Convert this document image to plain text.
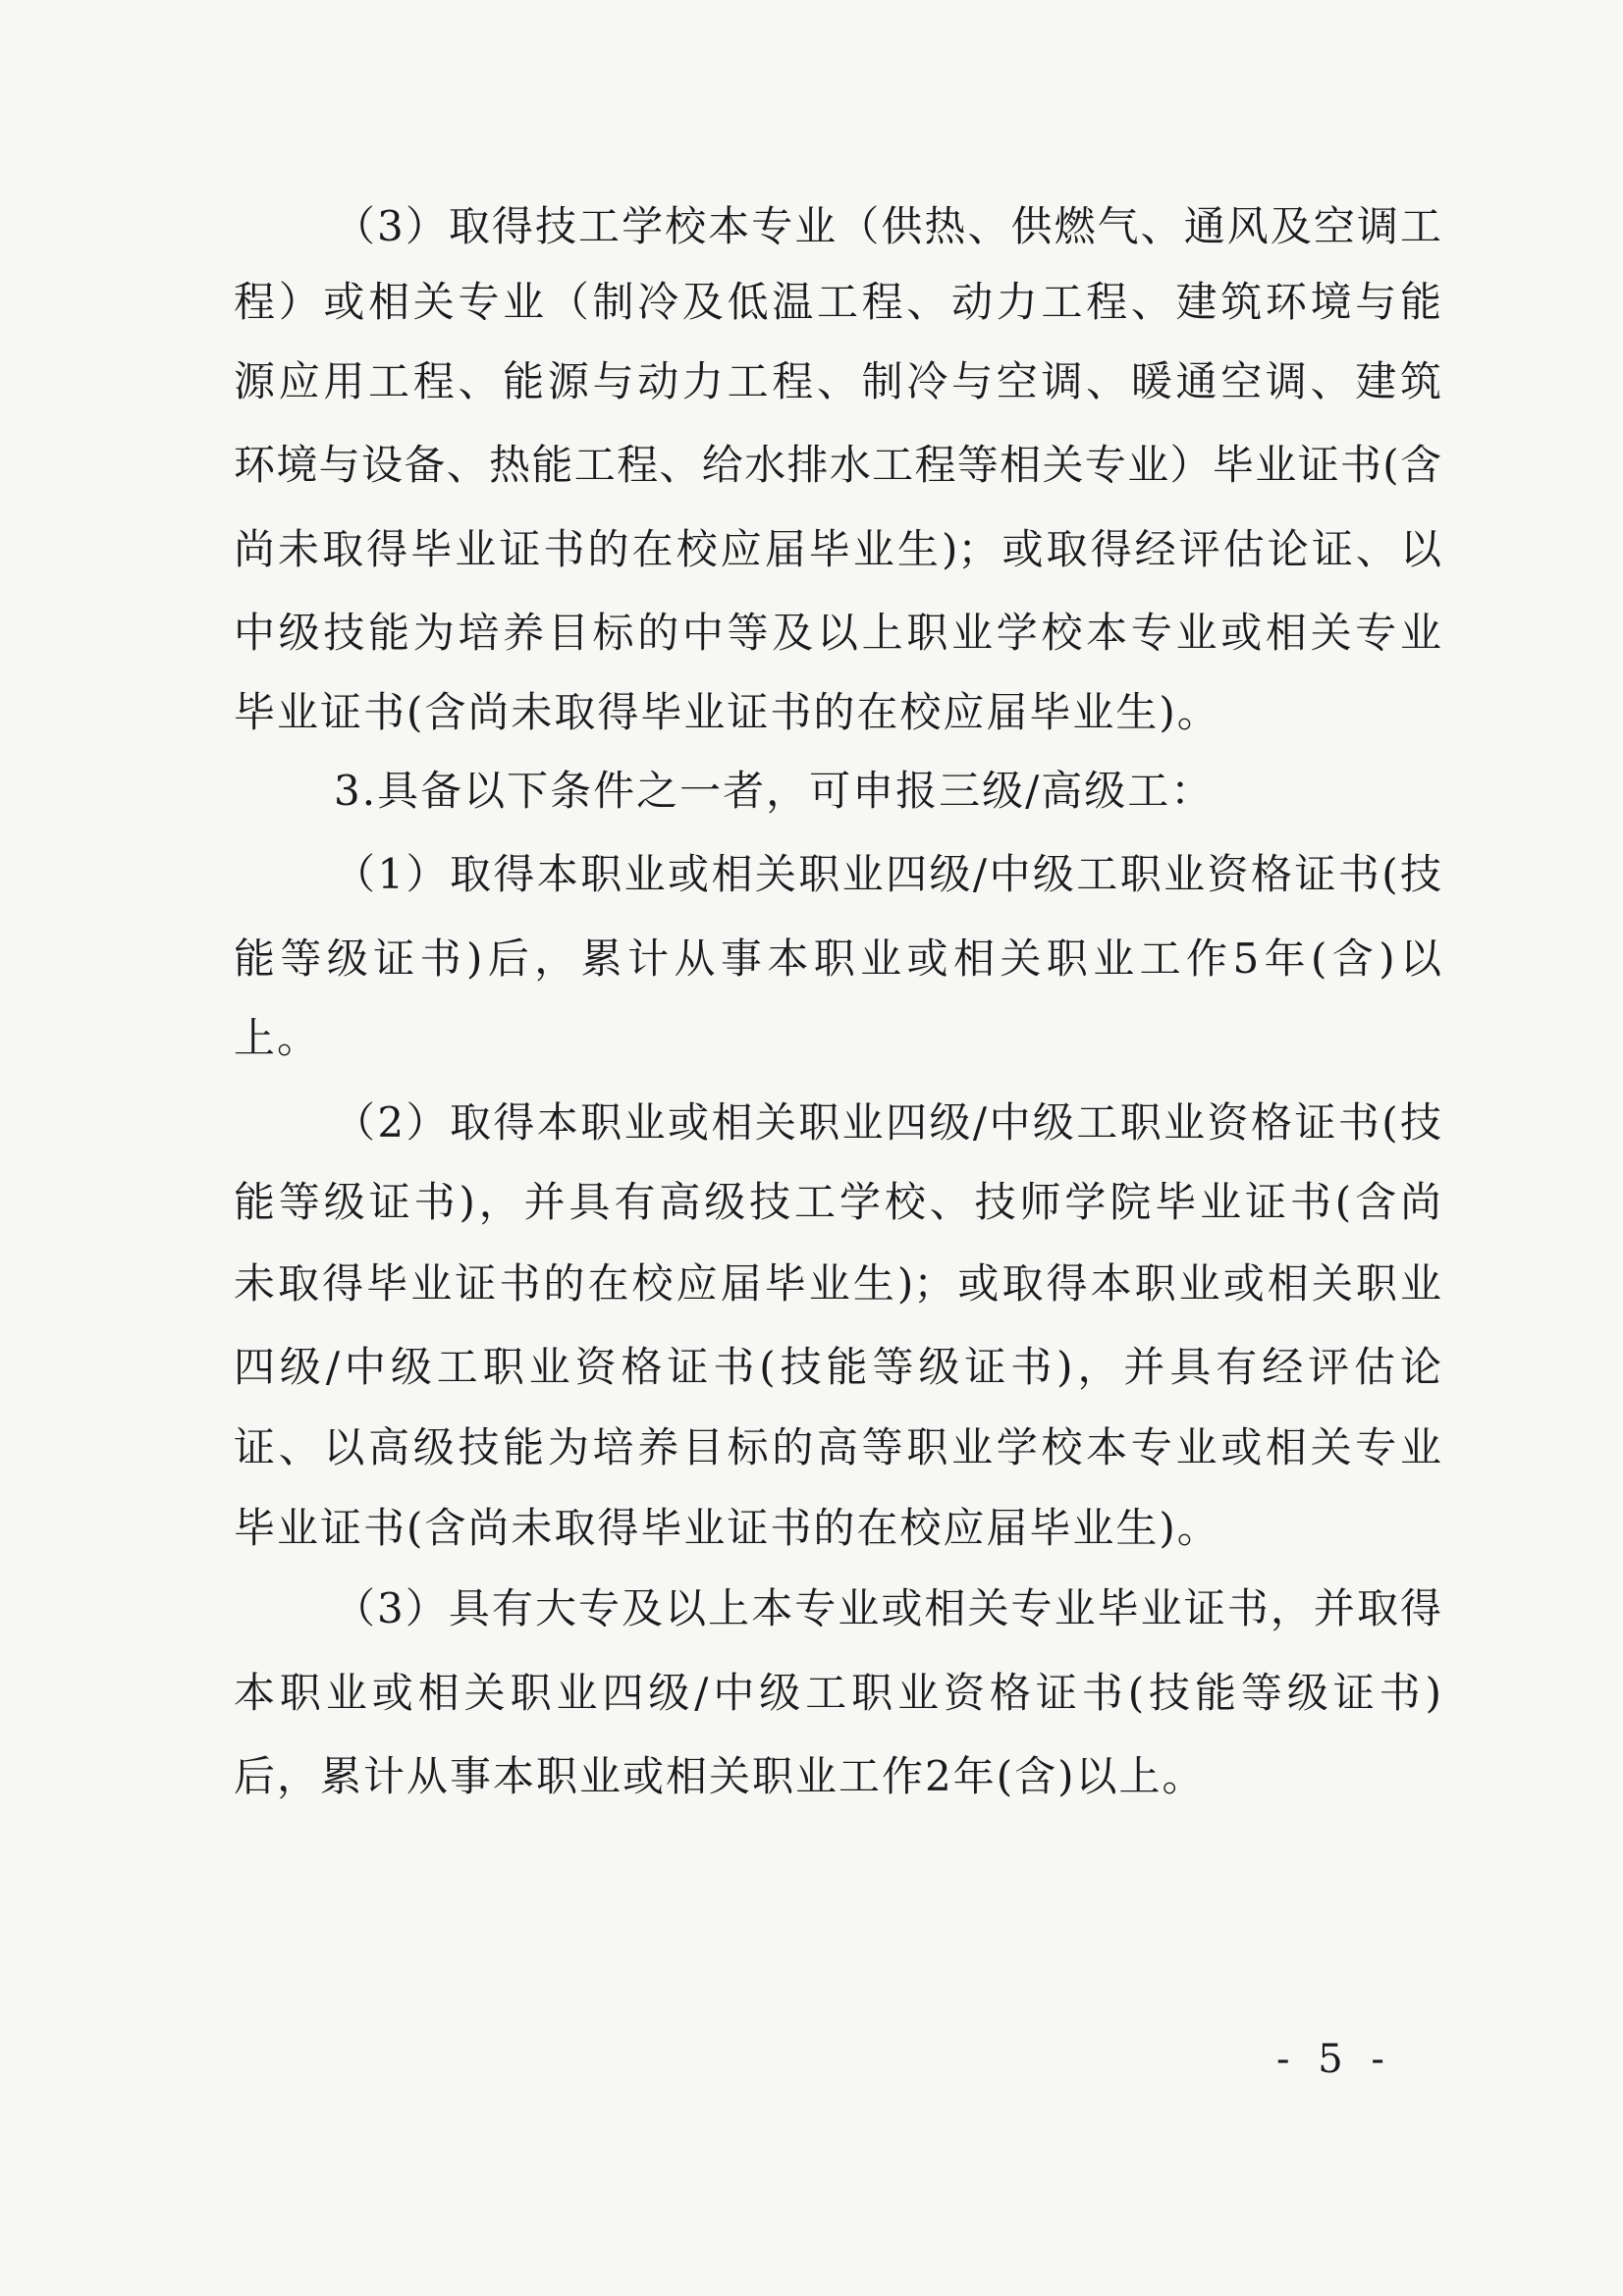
（3）取得技工学校本专业（供热、供燃气、通风及空调工
程）或相关专业（制冷及低温工程、动力工程、建筑环境与能
源应用工程、能源与动力工程、制冷与空调、暖通空调、建筑
环境与设备、热能工程、给水排水工程等相关专业）毕业证书(含
尚未取得毕业证书的在校应届毕业生)；或取得经评估论证、以
中级技能为培养目标的中等及以上职业学校本专业或相关专业
毕业证书(含尚未取得毕业证书的在校应届毕业生)。
3.具备以下条件之一者，可申报三级/高级工：
（1）取得本职业或相关职业四级/中级工职业资格证书(技
能等级证书)后，累计从事本职业或相关职业工作5年(含)以
上。
（2）取得本职业或相关职业四级/中级工职业资格证书(技
能等级证书)，并具有高级技工学校、技师学院毕业证书(含尚
未取得毕业证书的在校应届毕业生)；或取得本职业或相关职业
四级/中级工职业资格证书(技能等级证书)，并具有经评估论
证、以高级技能为培养目标的高等职业学校本专业或相关专业
毕业证书(含尚未取得毕业证书的在校应届毕业生)。
（3）具有大专及以上本专业或相关专业毕业证书，并取得
本职业或相关职业四级/中级工职业资格证书(技能等级证书)
后，累计从事本职业或相关职业工作2年(含)以上。
- 5 -
